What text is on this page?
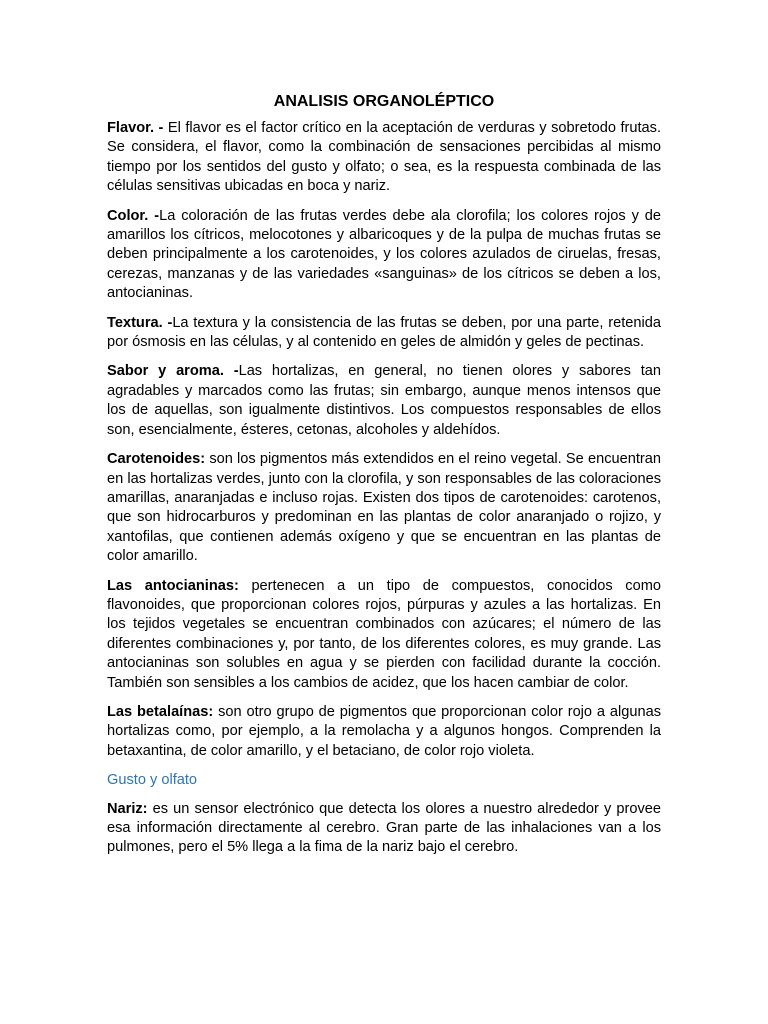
ANALISIS ORGANOLÉPTICO

Flavor. - El flavor es el factor crítico en la aceptación de verduras y sobretodo frutas. Se considera, el flavor, como la combinación de sensaciones percibidas al mismo tiempo por los sentidos del gusto y olfato; o sea, es la respuesta combinada de las células sensitivas ubicadas en boca y nariz.

Color. -La coloración de las frutas verdes debe ala clorofila; los colores rojos y de amarillos los cítricos, melocotones y albaricoques y de la pulpa de muchas frutas se deben principalmente a los carotenoides, y los colores azulados de ciruelas, fresas, cerezas, manzanas y de las variedades «sanguinas» de los cítricos se deben a los, antocianinas.

Textura. -La textura y la consistencia de las frutas se deben, por una parte, retenida por ósmosis en las células, y al contenido en geles de almidón y geles de pectinas.

Sabor y aroma. -Las hortalizas, en general, no tienen olores y sabores tan agradables y marcados como las frutas; sin embargo, aunque menos intensos que los de aquellas, son igualmente distintivos. Los compuestos responsables de ellos son, esencialmente, ésteres, cetonas, alcoholes y aldehídos.

Carotenoides: son los pigmentos más extendidos en el reino vegetal. Se encuentran en las hortalizas verdes, junto con la clorofila, y son responsables de las coloraciones amarillas, anaranjadas e incluso rojas. Existen dos tipos de carotenoides: carotenos, que son hidrocarburos y predominan en las plantas de color anaranjado o rojizo, y xantofilas, que contienen además oxígeno y que se encuentran en las plantas de color amarillo.

Las antocianinas: pertenecen a un tipo de compuestos, conocidos como flavonoides, que proporcionan colores rojos, púrpuras y azules a las hortalizas. En los tejidos vegetales se encuentran combinados con azúcares; el número de las diferentes combinaciones y, por tanto, de los diferentes colores, es muy grande. Las antocianinas son solubles en agua y se pierden con facilidad durante la cocción. También son sensibles a los cambios de acidez, que los hacen cambiar de color.

Las betalaínas: son otro grupo de pigmentos que proporcionan color rojo a algunas hortalizas como, por ejemplo, a la remolacha y a algunos hongos. Comprenden la betaxantina, de color amarillo, y el betaciano, de color rojo violeta.

Gusto y olfato

Nariz: es un sensor electrónico que detecta los olores a nuestro alrededor y provee esa información directamente al cerebro. Gran parte de las inhalaciones van a los pulmones, pero el 5% llega a la fima de la nariz bajo el cerebro.
